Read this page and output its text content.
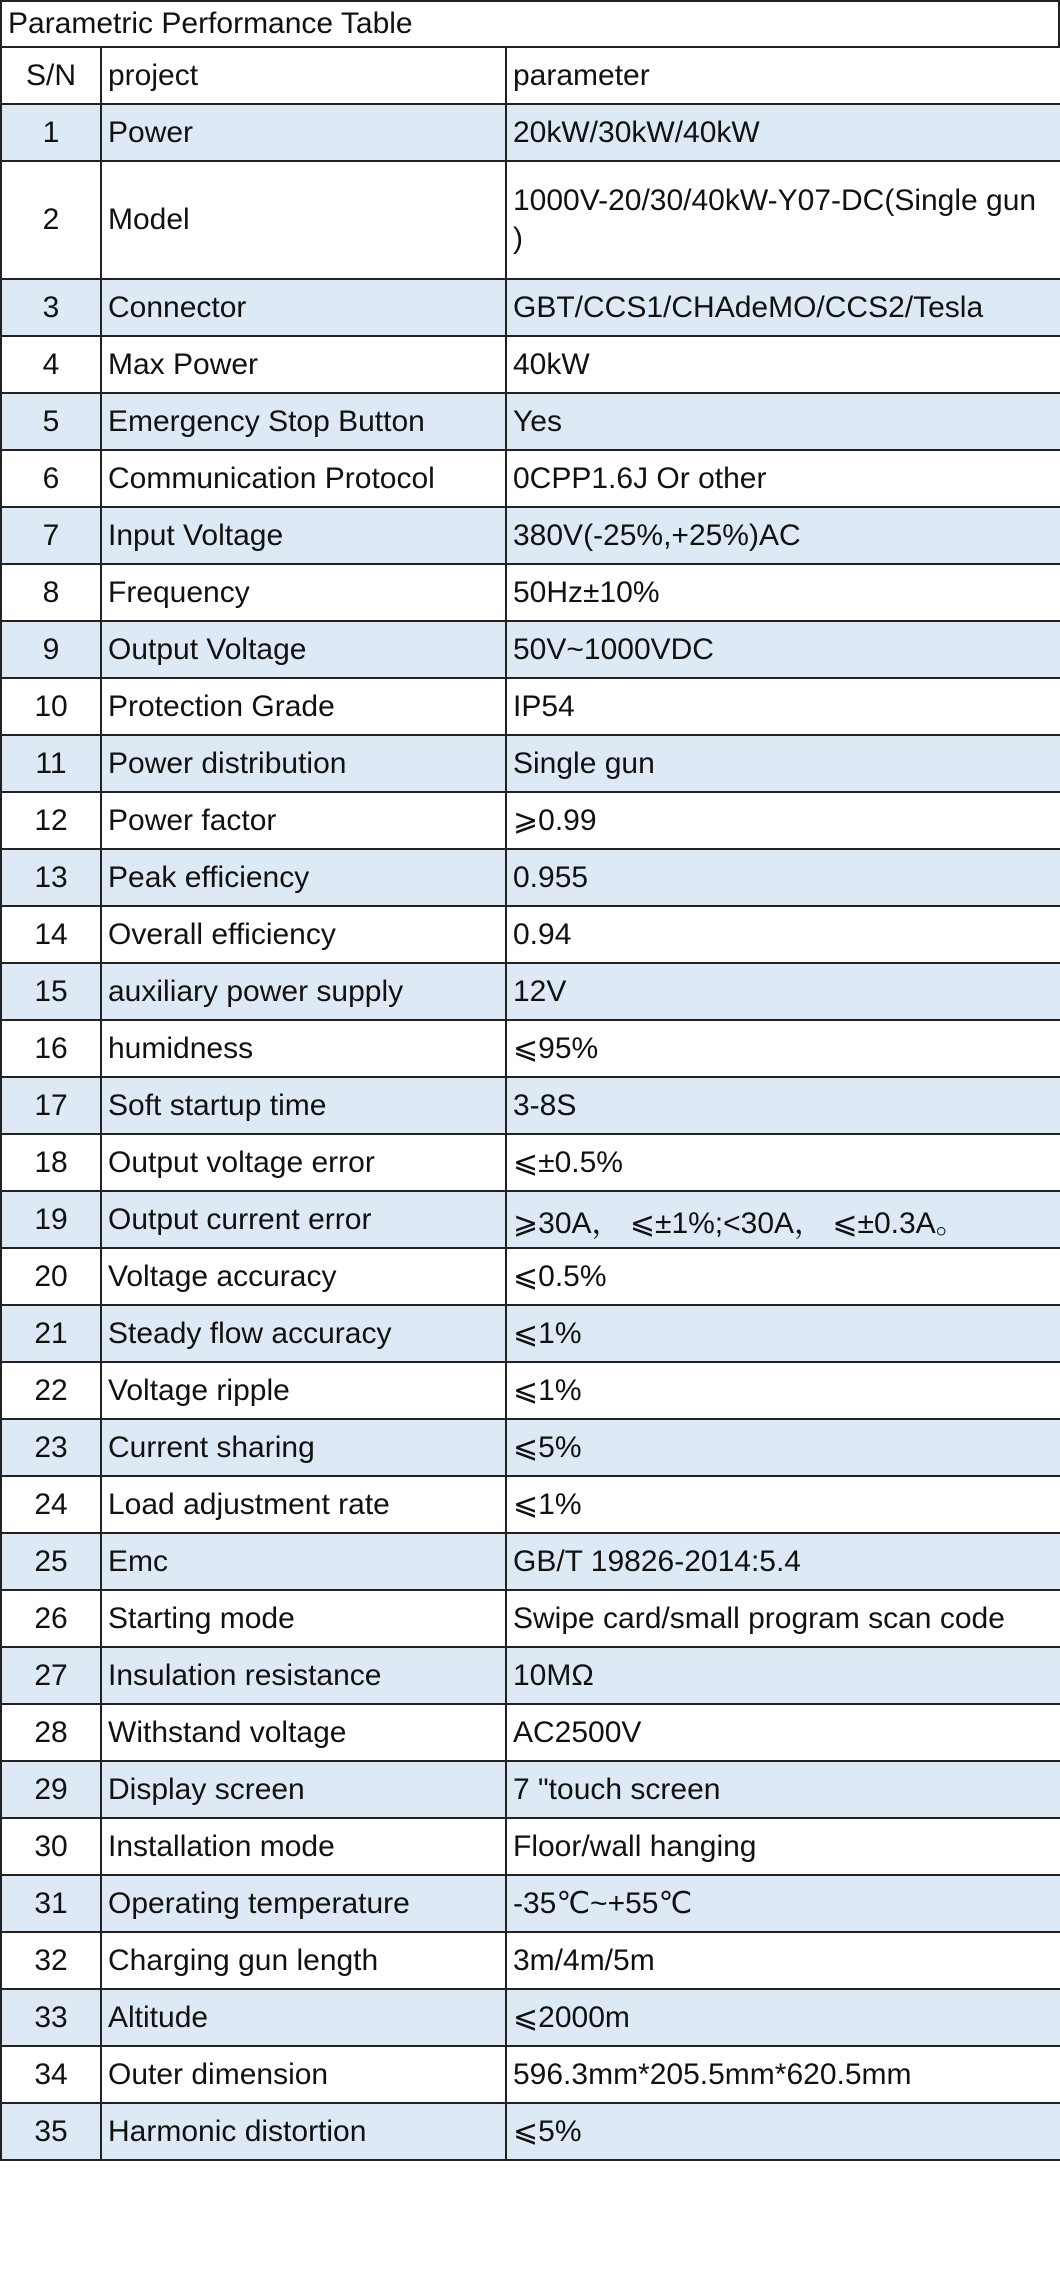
Parametric Performance Table
S/N	project	parameter
1	Power	20kW/30kW/40kW
2	Model	1000V-20/30/40kW-Y07-DC(Single gun )
3	Connector	GBT/CCS1/CHAdeMO/CCS2/Tesla
4	Max Power	40kW
5	Emergency Stop Button	Yes
6	Communication Protocol	0CPP1.6J Or other
7	Input Voltage	380V(-25%,+25%)AC
8	Frequency	50Hz±10%
9	Output Voltage	50V~1000VDC
10	Protection Grade	IP54
11	Power distribution	Single gun
12	Power factor	⩾0.99
13	Peak efficiency	0.955
14	Overall efficiency	0.94
15	auxiliary power supply	12V
16	humidness	⩽95%
17	Soft startup time	3-8S
18	Output voltage error	⩽±0.5%
19	Output current error	⩾30A， ⩽±1%;<30A， ⩽±0.3A。
20	Voltage accuracy	⩽0.5%
21	Steady flow accuracy	⩽1%
22	Voltage ripple	⩽1%
23	Current sharing	⩽5%
24	Load adjustment rate	⩽1%
25	Emc	GB/T 19826-2014:5.4
26	Starting mode	Swipe card/small program scan code
27	Insulation resistance	10MΩ
28	Withstand voltage	AC2500V
29	Display screen	7 "touch screen
30	Installation mode	Floor/wall hanging
31	Operating temperature	-35℃~+55℃
32	Charging gun length	3m/4m/5m
33	Altitude	⩽2000m
34	Outer dimension	596.3mm*205.5mm*620.5mm
35	Harmonic distortion	⩽5%
